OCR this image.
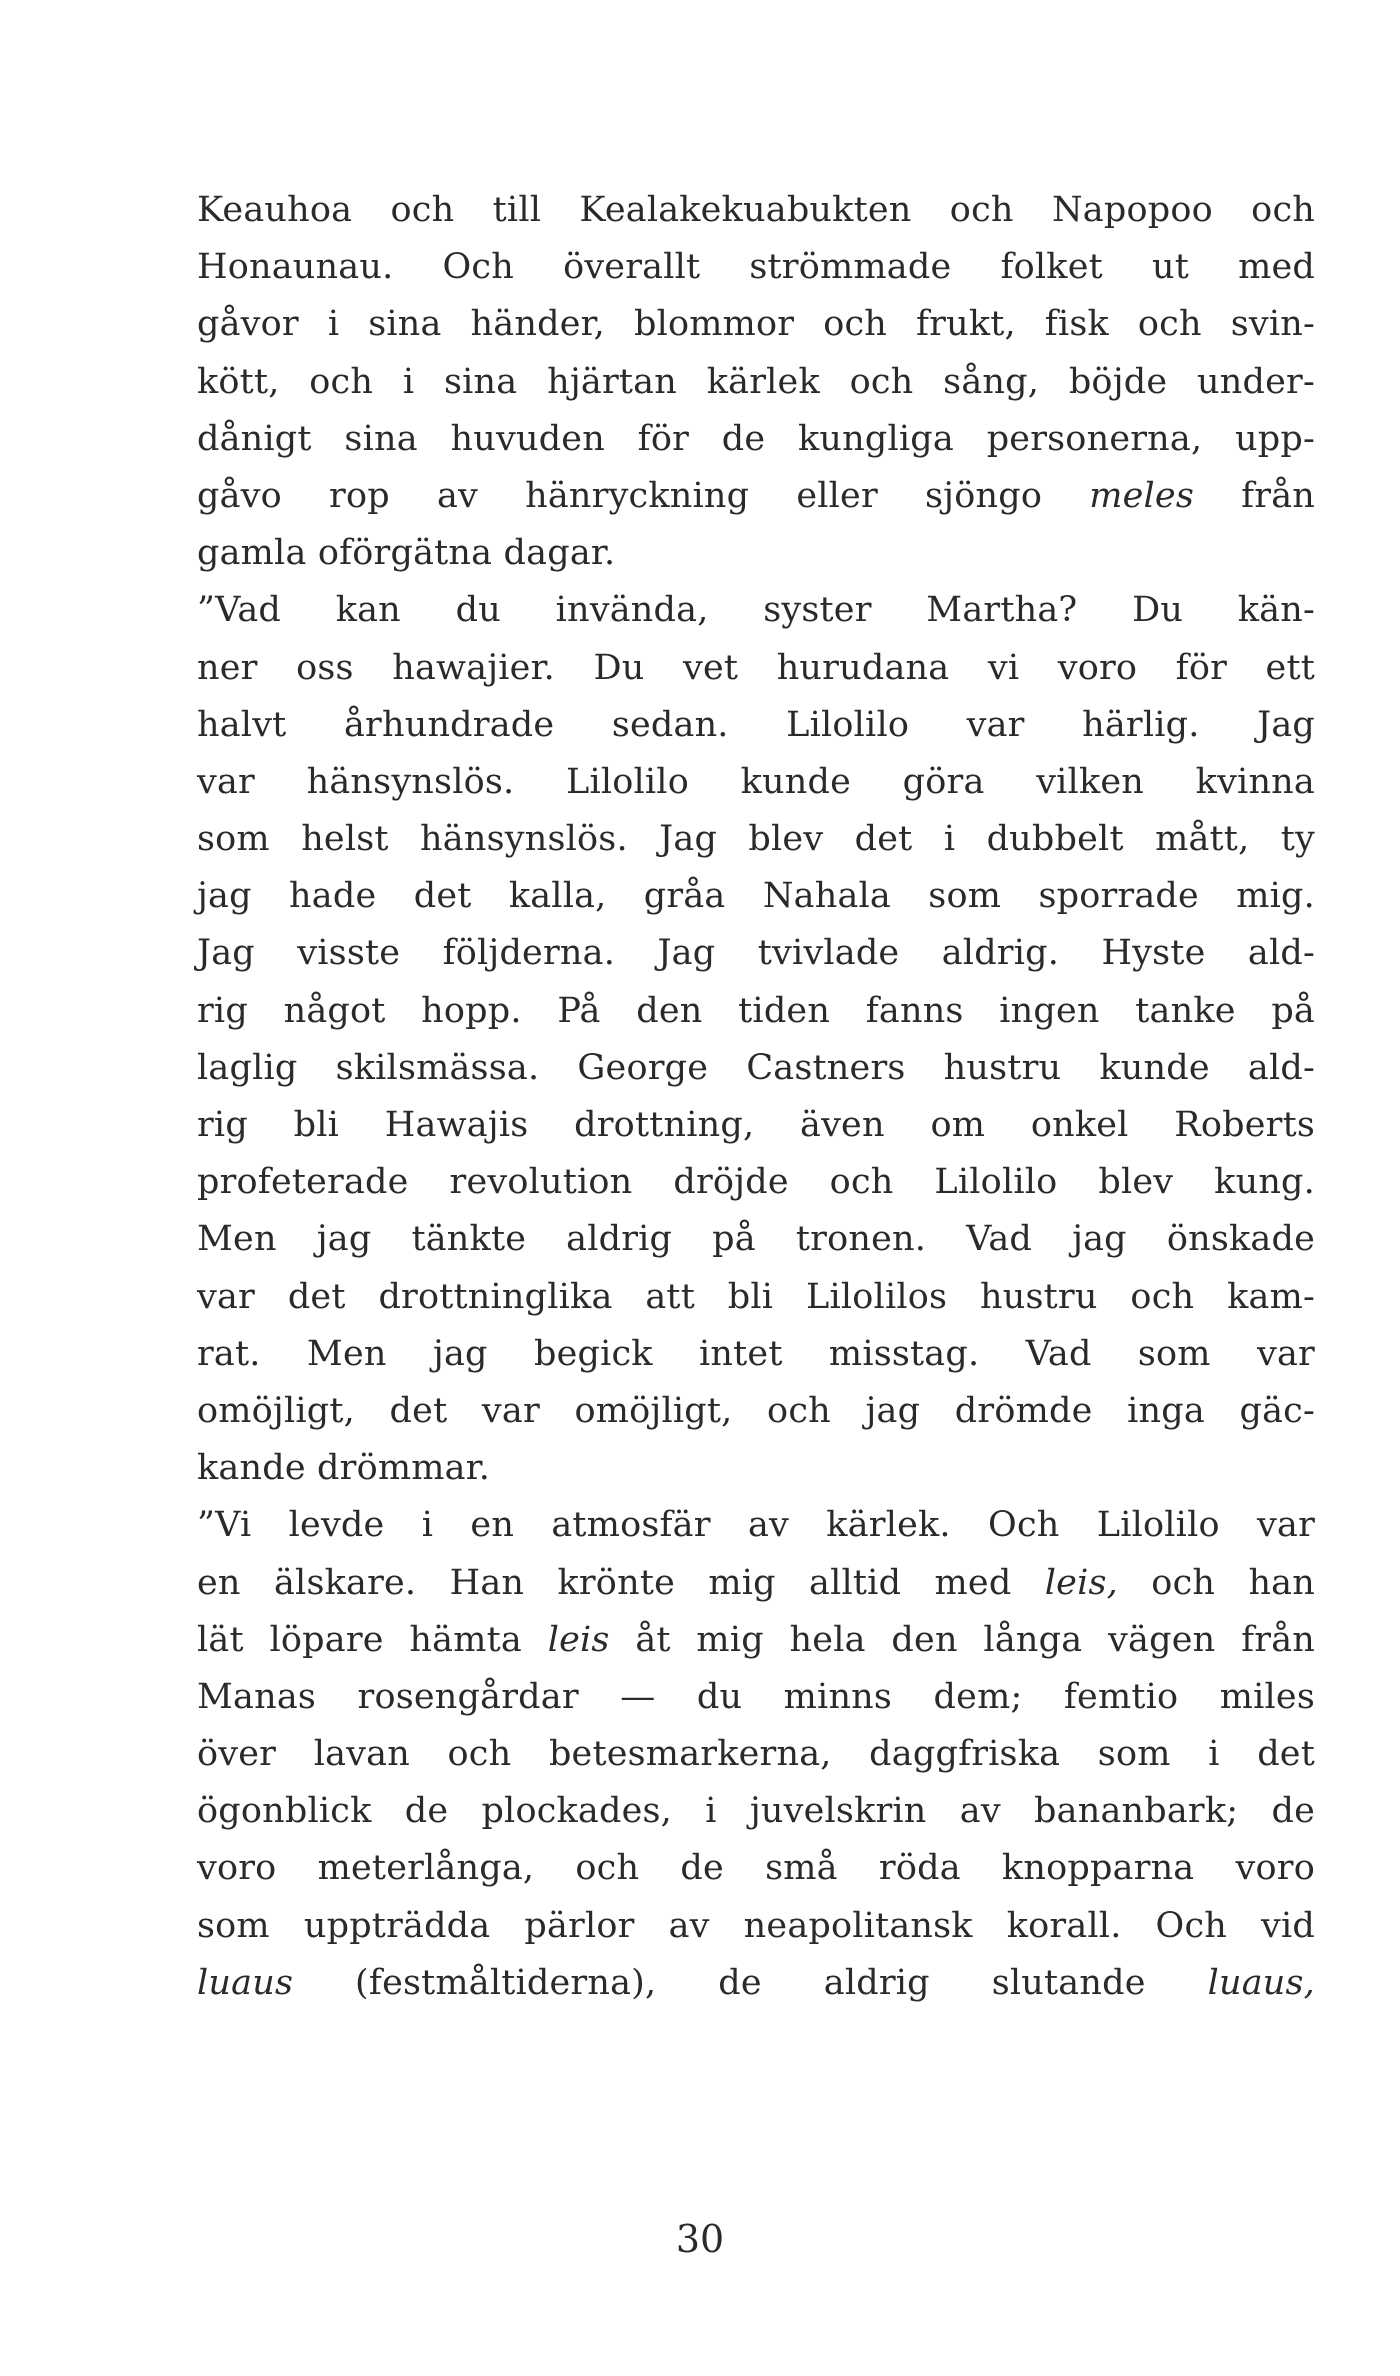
Keauhoa och till Kealakekuabukten och Napopoo och
Honaunau. Och överallt strömmade folket ut med
gåvor i sina händer, blommor och frukt, fisk och svin-
kött, och i sina hjärtan kärlek och sång, böjde under-
dånigt sina huvuden för de kungliga personerna, upp-
gåvo rop av hänryckning eller sjöngo meles från
gamla oförgätna dagar.
”Vad kan du invända, syster Martha? Du kän-
ner oss hawajier. Du vet hurudana vi voro för ett
halvt århundrade sedan. Lilolilo var härlig. Jag
var hänsynslös. Lilolilo kunde göra vilken kvinna
som helst hänsynslös. Jag blev det i dubbelt mått, ty
jag hade det kalla, gråa Nahala som sporrade mig.
Jag visste följderna. Jag tvivlade aldrig. Hyste ald-
rig något hopp. På den tiden fanns ingen tanke på
laglig skilsmässa. George Castners hustru kunde ald-
rig bli Hawajis drottning, även om onkel Roberts
profeterade revolution dröjde och Lilolilo blev kung.
Men jag tänkte aldrig på tronen. Vad jag önskade
var det drottninglika att bli Lilolilos hustru och kam-
rat. Men jag begick intet misstag. Vad som var
omöjligt, det var omöjligt, och jag drömde inga gäc-
kande drömmar.
”Vi levde i en atmosfär av kärlek. Och Lilolilo var
en älskare. Han krönte mig alltid med leis, och han
lät löpare hämta leis åt mig hela den långa vägen från
Manas rosengårdar — du minns dem; femtio miles
över lavan och betesmarkerna, daggfriska som i det
ögonblick de plockades, i juvelskrin av bananbark; de
voro meterlånga, och de små röda knopparna voro
som uppträdda pärlor av neapolitansk korall. Och vid
luaus (festmåltiderna), de aldrig slutande luaus,
30
